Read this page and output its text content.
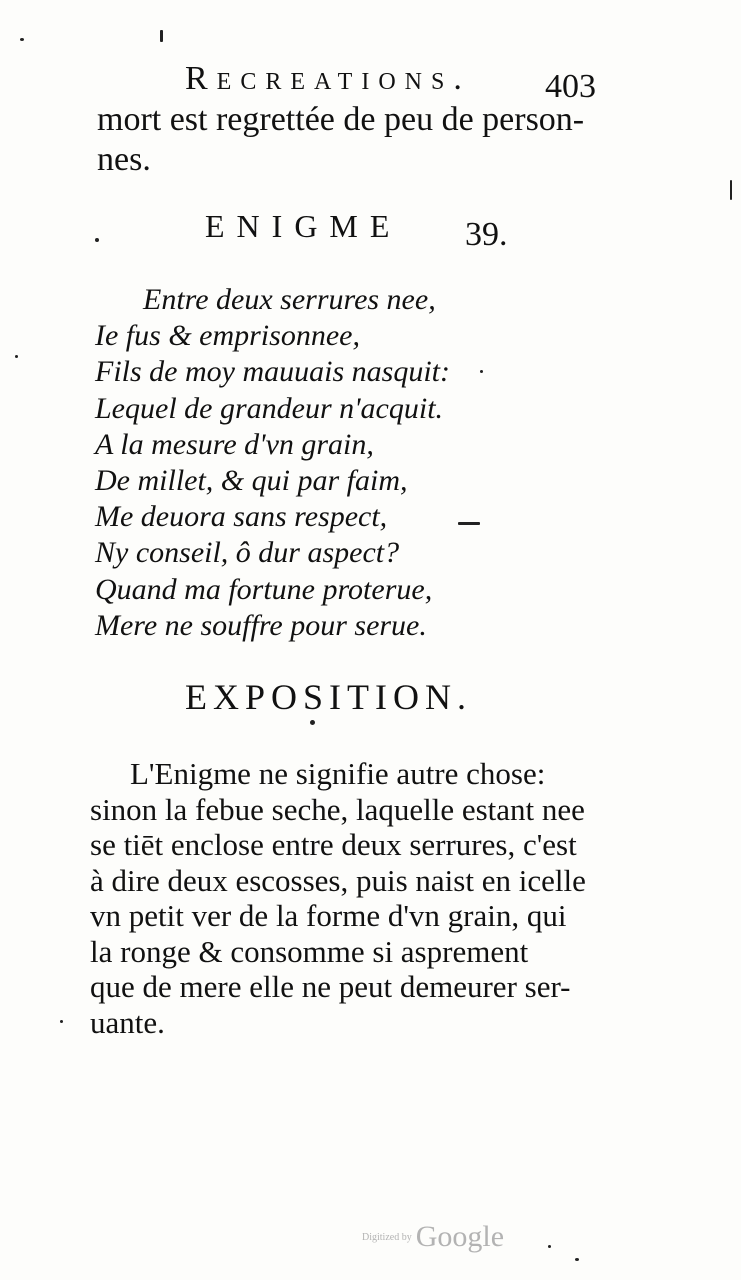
Recreations. 403
mort est regrettée de peu de person-
nes.
ENIGME 39.
Entre deux serrures nee,
Ie fus & emprisonnee,
Fils de moy mauuais nasquit:
Lequel de grandeur n'acquit.
A la mesure d'vn grain,
De millet, & qui par faim,
Me deuora sans respect,
Ny conseil, ô dur aspect?
Quand ma fortune proterue,
Mere ne souffre pour serue.
EXPOSITION.
L'Enigme ne signifie autre chose:
sinon la febue seche, laquelle estant nee
se tiēt enclose entre deux serrures, c'est
à dire deux escosses, puis naist en icelle
vn petit ver de la forme d'vn grain, qui
la ronge & consomme si asprement
que de mere elle ne peut demeurer ser-
uante.
Digitized by Google
